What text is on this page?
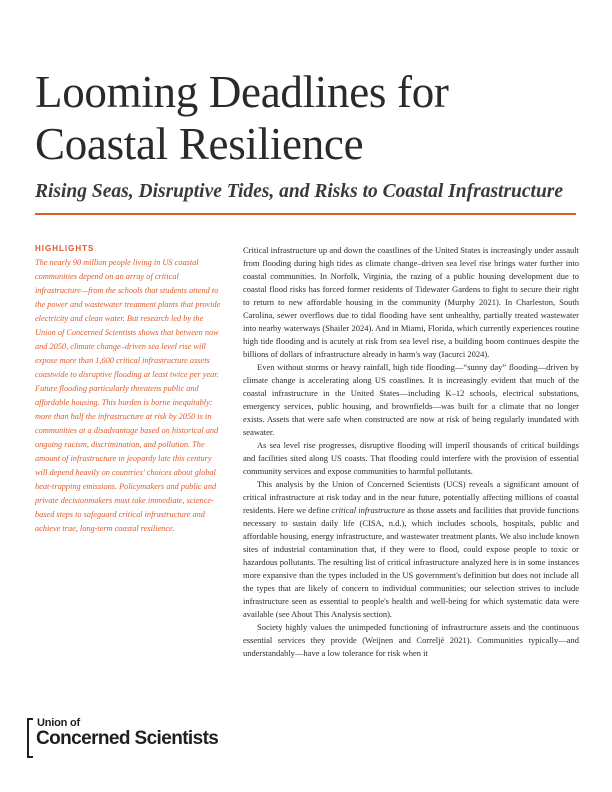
Looming Deadlines for
Coastal Resilience
Rising Seas, Disruptive Tides, and Risks to Coastal Infrastructure
HIGHLIGHTS

The nearly 90 million people living in US coastal communities depend on an array of critical infrastructure—from the schools that students attend to the power and wastewater treatment plants that provide electricity and clean water. But research led by the Union of Concerned Scientists shows that between now and 2050, climate change–driven sea level rise will expose more than 1,600 critical infrastructure assets coastwide to disruptive flooding at least twice per year. Future flooding particularly threatens public and affordable housing. This burden is borne inequitably: more than half the infrastructure at risk by 2050 is in communities at a disadvantage based on historical and ongoing racism, discrimination, and pollution. The amount of infrastructure in jeopardy late this century will depend heavily on countries' choices about global heat-trapping emissions. Policymakers and public and private decisionmakers must take immediate, science-based steps to safeguard critical infrastructure and achieve true, long-term coastal resilience.

Critical infrastructure up and down the coastlines of the United States is increasingly under assault from flooding during high tides as climate change–driven sea level rise brings water further into coastal communities. In Norfolk, Virginia, the razing of a public housing development due to coastal flood risks has forced former residents of Tidewater Gardens to fight to secure their right to return to new affordable housing in the community (Murphy 2021). In Charleston, South Carolina, sewer overflows due to tidal flooding have sent unhealthy, partially treated wastewater into nearby waterways (Shailer 2024). And in Miami, Florida, which currently experiences routine high tide flooding and is acutely at risk from sea level rise, a building boom continues despite the billions of dollars of infrastructure already in harm's way (Iacurci 2024).

Even without storms or heavy rainfall, high tide flooding—“sunny day” flooding—driven by climate change is accelerating along US coastlines. It is increasingly evident that much of the coastal infrastructure in the United States—including K–12 schools, electrical substations, emergency services, public housing, and brownfields—was built for a climate that no longer exists. Assets that were safe when constructed are now at risk of being regularly inundated with seawater.

As sea level rise progresses, disruptive flooding will imperil thousands of critical buildings and facilities sited along US coasts. That flooding could interfere with the provision of essential community services and expose communities to harmful pollutants.

This analysis by the Union of Concerned Scientists (UCS) reveals a significant amount of critical infrastructure at risk today and in the near future, potentially affecting millions of coastal residents. Here we define critical infrastructure as those assets and facilities that provide functions necessary to sustain daily life (CISA, n.d.), which includes schools, hospitals, public and affordable housing, energy infrastructure, and wastewater treatment plants. We also include known sites of industrial contamination that, if they were to flood, could expose people to toxic or hazardous pollutants. The resulting list of critical infrastructure analyzed here is in some instances more expansive than the types included in the US government's definition but does not include all the types that are likely of concern to individual communities; our selection strives to include infrastructure seen as essential to people's health and well-being for which systematic data were available (see About This Analysis section).

Society highly values the unimpeded functioning of infrastructure assets and the continuous essential services they provide (Weijnen and Correljé 2021). Communities typically—and understandably—have a low tolerance for risk when it

Union of
Concerned Scientists
